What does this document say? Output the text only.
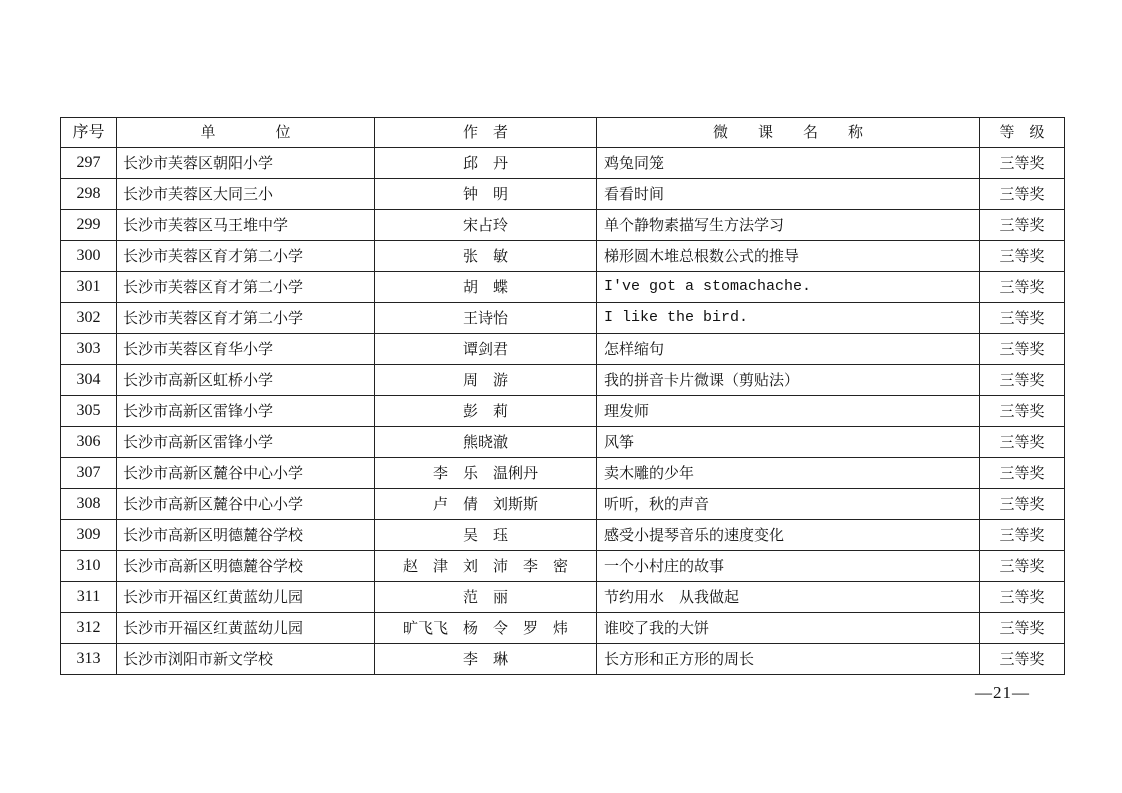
序号	单　　　　位	作　者	微　　课　　名　　称	等　级
297	长沙市芙蓉区朝阳小学	邱　丹	鸡兔同笼	三等奖
298	长沙市芙蓉区大同三小	钟　明	看看时间	三等奖
299	长沙市芙蓉区马王堆中学	宋占玲	单个静物素描写生方法学习	三等奖
300	长沙市芙蓉区育才第二小学	张　敏	梯形圆木堆总根数公式的推导	三等奖
301	长沙市芙蓉区育才第二小学	胡　蝶	I've got a stomachache.	三等奖
302	长沙市芙蓉区育才第二小学	王诗怡	I like the bird.	三等奖
303	长沙市芙蓉区育华小学	谭剑君	怎样缩句	三等奖
304	长沙市高新区虹桥小学	周　游	我的拼音卡片微课（剪贴法）	三等奖
305	长沙市高新区雷锋小学	彭　莉	理发师	三等奖
306	长沙市高新区雷锋小学	熊晓澈	风筝	三等奖
307	长沙市高新区麓谷中心小学	李　乐　温俐丹	卖木雕的少年	三等奖
308	长沙市高新区麓谷中心小学	卢　倩　刘斯斯	听听，秋的声音	三等奖
309	长沙市高新区明德麓谷学校	吴　珏	感受小提琴音乐的速度变化	三等奖
310	长沙市高新区明德麓谷学校	赵　津　刘　沛　李　密	一个小村庄的故事	三等奖
311	长沙市开福区红黄蓝幼儿园	范　丽	节约用水　从我做起	三等奖
312	长沙市开福区红黄蓝幼儿园	旷飞飞　杨　令　罗　炜	谁咬了我的大饼	三等奖
313	长沙市浏阳市新文学校	李　琳	长方形和正方形的周长	三等奖
—21—
